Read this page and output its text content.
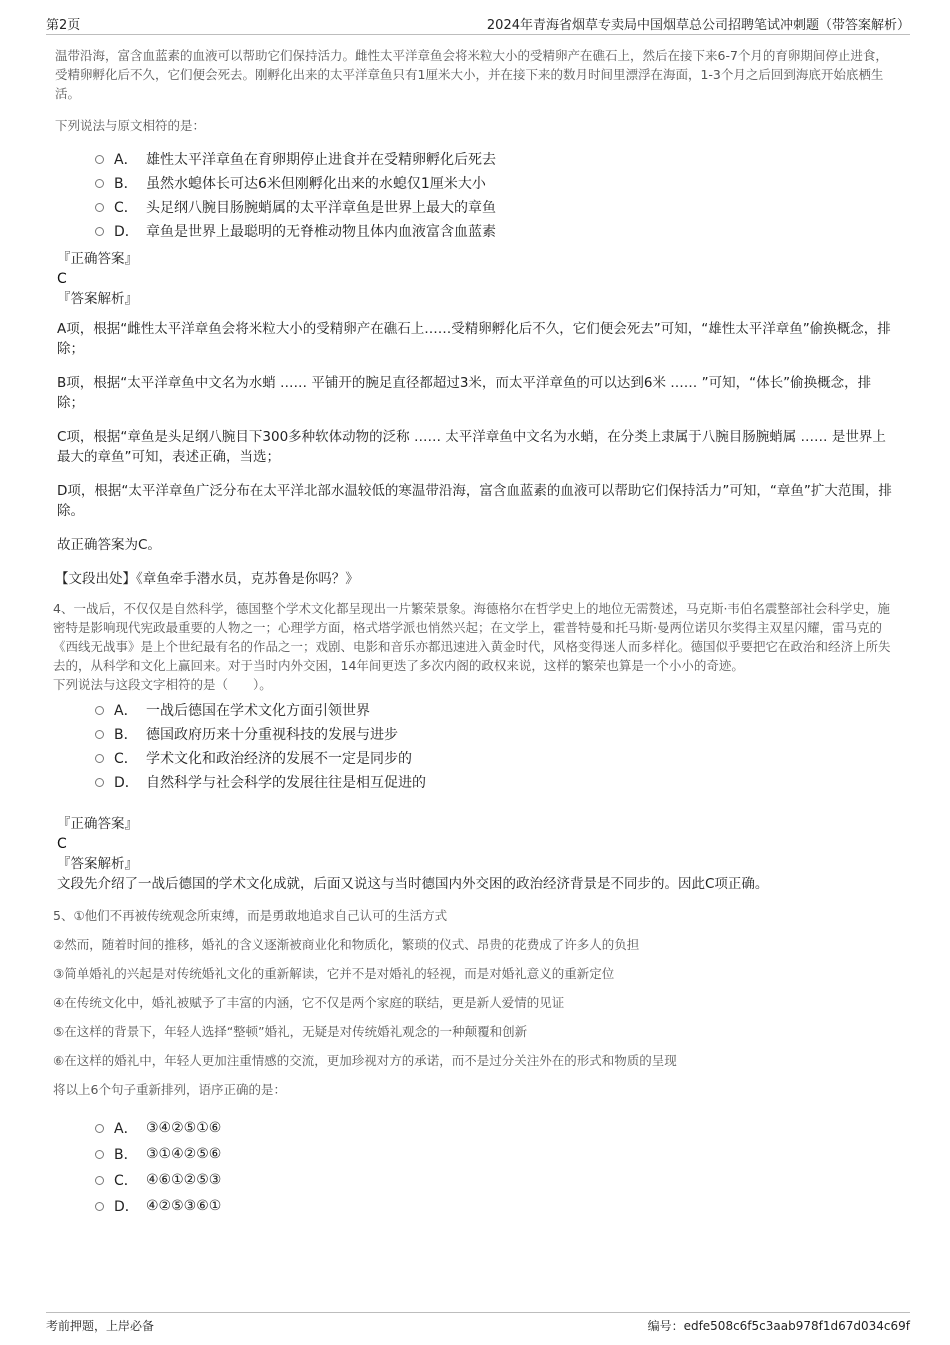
第2页	2024年青海省烟草专卖局中国烟草总公司招聘笔试冲刺题（带答案解析）

温带沿海，富含血蓝素的血液可以帮助它们保持活力。雌性太平洋章鱼会将米粒大小的受精卵产在礁石上，然后在接下来6-7个月的育卵期间停止进食，受精卵孵化后不久，它们便会死去。刚孵化出来的太平洋章鱼只有1厘米大小，并在接下来的数月时间里漂浮在海面，1-3个月之后回到海底开始底栖生活。

下列说法与原文相符的是：

A． 雄性太平洋章鱼在育卵期停止进食并在受精卵孵化后死去
B． 虽然水螅体长可达6米但刚孵化出来的水螅仅1厘米大小
C． 头足纲八腕目肠腕蛸属的太平洋章鱼是世界上最大的章鱼
D． 章鱼是世界上最聪明的无脊椎动物且体内血液富含血蓝素
『正确答案』
C
『答案解析』

A项，根据“雌性太平洋章鱼会将米粒大小的受精卵产在礁石上……受精卵孵化后不久，它们便会死去”可知，“雄性太平洋章鱼”偷换概念，排除；

B项，根据“太平洋章鱼中文名为水蛸 …… 平铺开的腕足直径都超过3米，而太平洋章鱼的可以达到6米 …… ”可知，“体长”偷换概念，排除；

C项，根据“章鱼是头足纲八腕目下300多种软体动物的泛称 …… 太平洋章鱼中文名为水蛸，在分类上隶属于八腕目肠腕蛸属 …… 是世界上最大的章鱼”可知，表述正确，当选；

D项，根据“太平洋章鱼广泛分布在太平洋北部水温较低的寒温带沿海，富含血蓝素的血液可以帮助它们保持活力”可知，“章鱼”扩大范围，排除。

故正确答案为C。

【文段出处】《章鱼牵手潜水员，克苏鲁是你吗？》

4、一战后，不仅仅是自然科学，德国整个学术文化都呈现出一片繁荣景象。海德格尔在哲学史上的地位无需赘述，马克斯·韦伯名震整部社会科学史，施密特是影响现代宪政最重要的人物之一；心理学方面，格式塔学派也悄然兴起；在文学上，霍普特曼和托马斯·曼两位诺贝尔奖得主双星闪耀，雷马克的《西线无战事》是上个世纪最有名的作品之一；戏剧、电影和音乐亦都迅速进入黄金时代，风格变得迷人而多样化。德国似乎要把它在政治和经济上所失去的，从科学和文化上赢回来。对于当时内外交困，14年间更迭了多次内阁的政权来说，这样的繁荣也算是一个小小的奇迹。

下列说法与这段文字相符的是（　　）。

A． 一战后德国在学术文化方面引领世界
B． 德国政府历来十分重视科技的发展与进步
C． 学术文化和政治经济的发展不一定是同步的
D． 自然科学与社会科学的发展往往是相互促进的
『正确答案』
C
『答案解析』

文段先介绍了一战后德国的学术文化成就，后面又说这与当时德国内外交困的政治经济背景是不同步的。因此C项正确。

5、①他们不再被传统观念所束缚，而是勇敢地追求自己认可的生活方式

②然而，随着时间的推移，婚礼的含义逐渐被商业化和物质化，繁琐的仪式、昂贵的花费成了许多人的负担

③简单婚礼的兴起是对传统婚礼文化的重新解读，它并不是对婚礼的轻视，而是对婚礼意义的重新定位

④在传统文化中，婚礼被赋予了丰富的内涵，它不仅是两个家庭的联结，更是新人爱情的见证

⑤在这样的背景下，年轻人选择“整顿”婚礼，无疑是对传统婚礼观念的一种颠覆和创新

⑥在这样的婚礼中，年轻人更加注重情感的交流，更加珍视对方的承诺，而不是过分关注外在的形式和物质的呈现

将以上6个句子重新排列，语序正确的是：

A． ③④②⑤①⑥
B． ③①④②⑤⑥
C． ④⑥①②⑤③
D． ④②⑤③⑥①
考前押题，上岸必备	编号：edfe508c6f5c3aab978f1d67d034c69f
